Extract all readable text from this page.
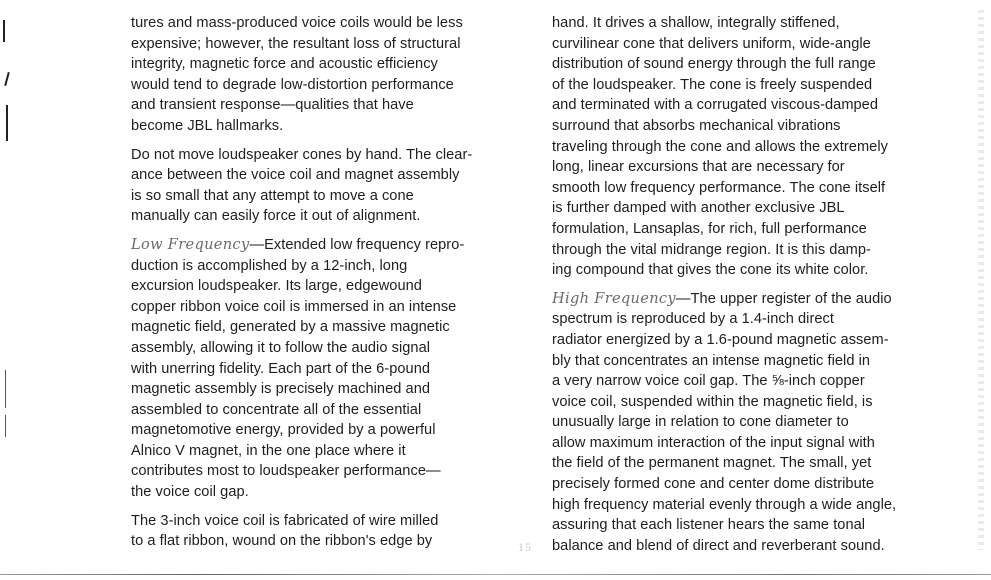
tures and mass-produced voice coils would be less
expensive; however, the resultant loss of structural
integrity, magnetic force and acoustic efficiency
would tend to degrade low-distortion performance
and transient response—qualities that have
become JBL hallmarks.
Do not move loudspeaker cones by hand. The clear-
ance between the voice coil and magnet assembly
is so small that any attempt to move a cone
manually can easily force it out of alignment.
Low Frequency—Extended low frequency repro-
duction is accomplished by a 12-inch, long
excursion loudspeaker. Its large, edgewound
copper ribbon voice coil is immersed in an intense
magnetic field, generated by a massive magnetic
assembly, allowing it to follow the audio signal
with unerring fidelity. Each part of the 6-pound
magnetic assembly is precisely machined and
assembled to concentrate all of the essential
magnetomotive energy, provided by a powerful
Alnico V magnet, in the one place where it
contributes most to loudspeaker performance—
the voice coil gap.
The 3-inch voice coil is fabricated of wire milled
to a flat ribbon, wound on the ribbon's edge by
hand. It drives a shallow, integrally stiffened,
curvilinear cone that delivers uniform, wide-angle
distribution of sound energy through the full range
of the loudspeaker. The cone is freely suspended
and terminated with a corrugated viscous-damped
surround that absorbs mechanical vibrations
traveling through the cone and allows the extremely
long, linear excursions that are necessary for
smooth low frequency performance. The cone itself
is further damped with another exclusive JBL
formulation, Lansaplas, for rich, full performance
through the vital midrange region. It is this damp-
ing compound that gives the cone its white color.
High Frequency—The upper register of the audio
spectrum is reproduced by a 1.4-inch direct
radiator energized by a 1.6-pound magnetic assem-
bly that concentrates an intense magnetic field in
a very narrow voice coil gap. The ⅝-inch copper
voice coil, suspended within the magnetic field, is
unusually large in relation to cone diameter to
allow maximum interaction of the input signal with
the field of the permanent magnet. The small, yet
precisely formed cone and center dome distribute
high frequency material evenly through a wide angle,
assuring that each listener hears the same tonal
balance and blend of direct and reverberant sound.
15
